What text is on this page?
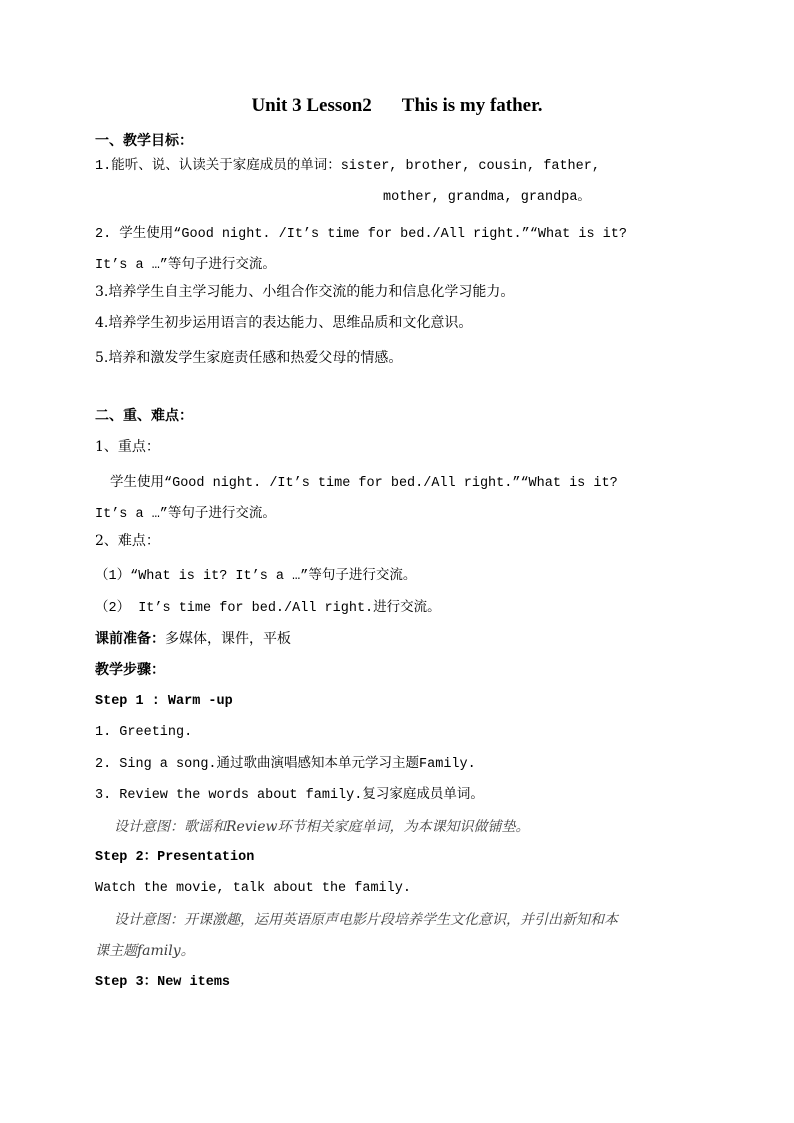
Unit 3 Lesson2 This is my father.
一、教学目标：
1.能听、说、认读关于家庭成员的单词：sister, brother, cousin, father,
mother, grandma, grandpa。
2. 学生使用“Good night. /It’s time for bed./All right.”“What is it?
It’s a …”等句子进行交流。
3.培养学生自主学习能力、小组合作交流的能力和信息化学习能力。
4.培养学生初步运用语言的表达能力、思维品质和文化意识。
5.培养和激发学生家庭责任感和热爱父母的情感。
二、重、难点：
1、重点：
学生使用“Good night. /It’s time for bed./All right.”“What is it?
It’s a …”等句子进行交流。
2、难点：
（1）“What is it? It’s a …”等句子进行交流。
（2） It’s time for bed./All right.进行交流。
课前准备：多媒体，课件，平板
教学步骤：
Step 1 : Warm -up
1. Greeting.
2. Sing a song.通过歌曲演唱感知本单元学习主题Family.
3. Review the words about family.复习家庭成员单词。
设计意图：歌谣和Review环节相关家庭单词，为本课知识做铺垫。
Step 2：Presentation
Watch the movie, talk about the family.
设计意图：开课激趣，运用英语原声电影片段培养学生文化意识，并引出新知和本
课主题family。
Step 3：New items
